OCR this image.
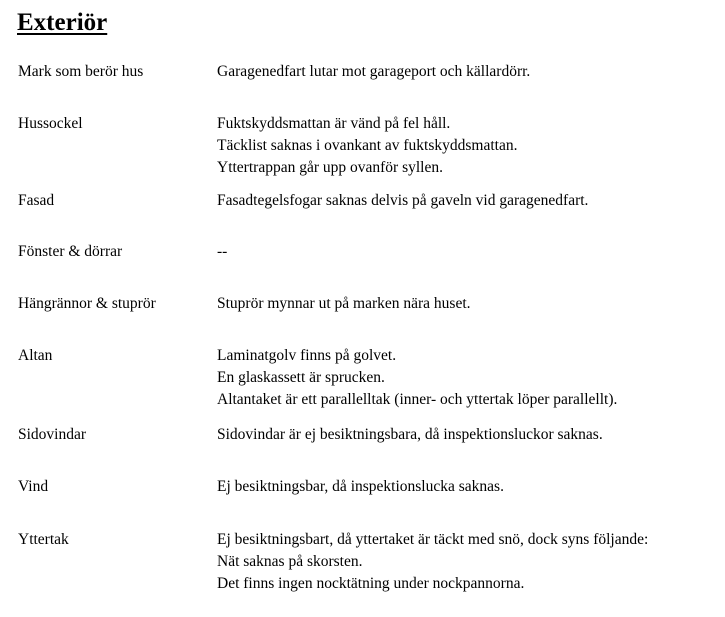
Exteriör
Mark som berör hus	Garagenedfart lutar mot garageport och källardörr.
Hussockel	Fuktskyddsmattan är vänd på fel håll.
Täcklist saknas i ovankant av fuktskyddsmattan.
Yttertrappan går upp ovanför syllen.
Fasad	Fasadtegelsfogar saknas delvis på gaveln vid garagenedfart.
Fönster & dörrar	--
Hängrännor & stuprör	Stuprör mynnar ut på marken nära huset.
Altan	Laminatgolv finns på golvet.
En glaskassett är sprucken.
Altantaket är ett parallelltak (inner- och yttertak löper parallellt).
Sidovindar	Sidovindar är ej besiktningsbara, då inspektionsluckor saknas.
Vind	Ej besiktningsbar, då inspektionslucka saknas.
Yttertak	Ej besiktningsbart, då yttertaket är täckt med snö, dock syns följande:
Nät saknas på skorsten.
Det finns ingen nocktätning under nockpannorna.
